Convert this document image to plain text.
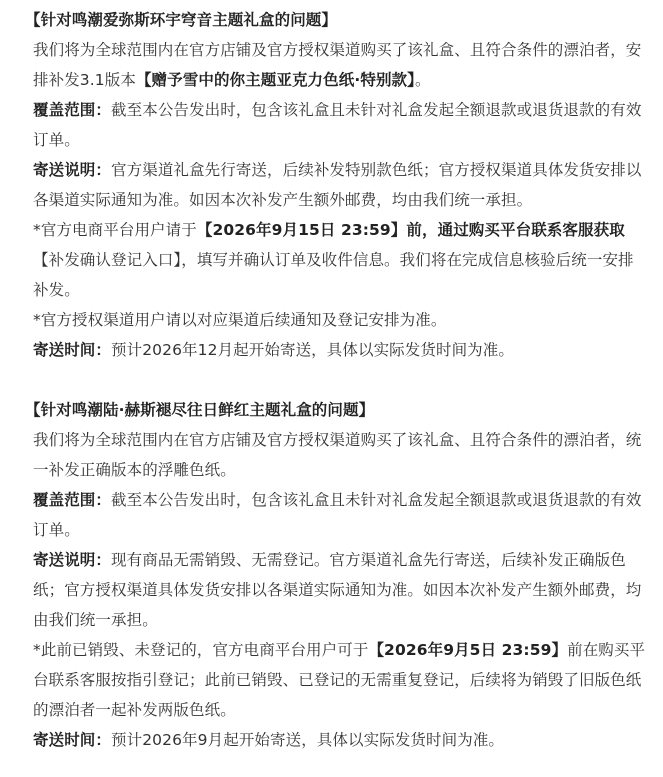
【针对鸣潮爱弥斯环宇穹音主题礼盒的问题】

我们将为全球范围内在官方店铺及官方授权渠道购买了该礼盒、且符合条件的漂泊者，安排补发3.1版本【赠予雪中的你主题亚克力色纸·特别款】。

覆盖范围：截至本公告发出时，包含该礼盒且未针对礼盒发起全额退款或退货退款的有效订单。

寄送说明：官方渠道礼盒先行寄送，后续补发特别款色纸；官方授权渠道具体发货安排以各渠道实际通知为准。如因本次补发产生额外邮费，均由我们统一承担。

*官方电商平台用户请于【2026年9月15日 23:59】前，通过购买平台联系客服获取【补发确认登记入口】，填写并确认订单及收件信息。我们将在完成信息核验后统一安排补发。

*官方授权渠道用户请以对应渠道后续通知及登记安排为准。

寄送时间：预计2026年12月起开始寄送，具体以实际发货时间为准。

【针对鸣潮陆·赫斯褪尽往日鲜红主题礼盒的问题】

我们将为全球范围内在官方店铺及官方授权渠道购买了该礼盒、且符合条件的漂泊者，统一补发正确版本的浮雕色纸。

覆盖范围：截至本公告发出时，包含该礼盒且未针对礼盒发起全额退款或退货退款的有效订单。

寄送说明：现有商品无需销毁、无需登记。官方渠道礼盒先行寄送，后续补发正确版色纸；官方授权渠道具体发货安排以各渠道实际通知为准。如因本次补发产生额外邮费，均由我们统一承担。

*此前已销毁、未登记的，官方电商平台用户可于【2026年9月5日 23:59】前在购买平台联系客服按指引登记；此前已销毁、已登记的无需重复登记，后续将为销毁了旧版色纸的漂泊者一起补发两版色纸。

寄送时间：预计2026年9月起开始寄送，具体以实际发货时间为准。
